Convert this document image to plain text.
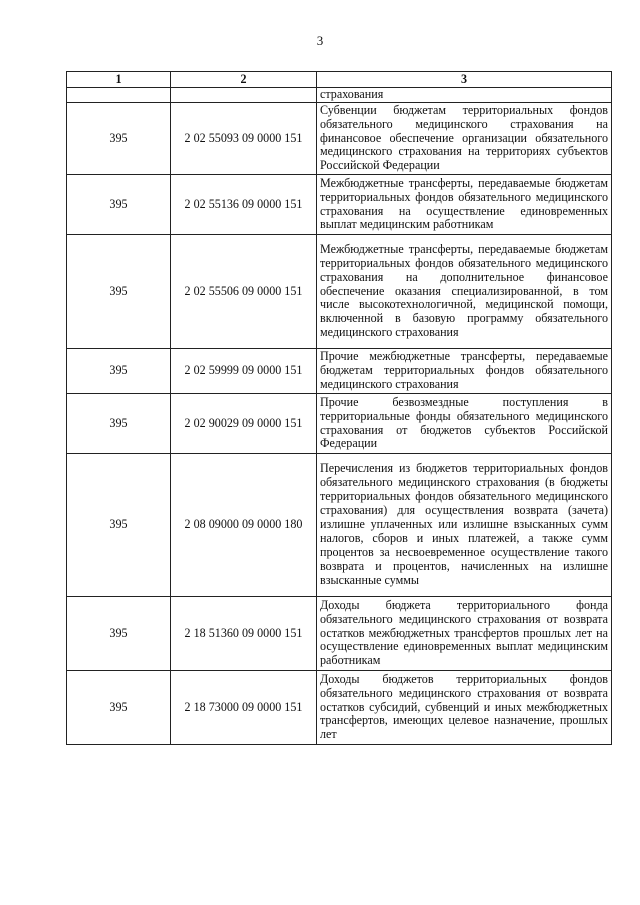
3
1	2	3
		страхования
395	2 02 55093 09 0000 151	Субвенции бюджетам территориальных фондов обязательного медицинского страхования на финансовое обеспечение организации обязательного медицинского страхования на территориях субъектов Российской Федерации
395	2 02 55136 09 0000 151	Межбюджетные трансферты, передаваемые бюджетам территориальных фондов обязательного медицинского страхования на осуществление единовременных выплат медицинским работникам
395	2 02 55506 09 0000 151	Межбюджетные трансферты, передаваемые бюджетам территориальных фондов обязательного медицинского страхования на дополнительное финансовое обеспечение оказания специализированной, в том числе высокотехнологичной, медицинской помощи, включенной в базовую программу обязательного медицинского страхования
395	2 02 59999 09 0000 151	Прочие межбюджетные трансферты, передаваемые бюджетам территориальных фондов обязательного медицинского страхования
395	2 02 90029 09 0000 151	Прочие безвозмездные поступления в территориальные фонды обязательного медицинского страхования от бюджетов субъектов Российской Федерации
395	2 08 09000 09 0000 180	Перечисления из бюджетов территориальных фондов обязательного медицинского страхования (в бюджеты территориальных фондов обязательного медицинского страхования) для осуществления возврата (зачета) излишне уплаченных или излишне взысканных сумм налогов, сборов и иных платежей, а также сумм процентов за несвоевременное осуществление такого возврата и процентов, начисленных на излишне взысканные суммы
395	2 18 51360 09 0000 151	Доходы бюджета территориального фонда обязательного медицинского страхования от возврата остатков межбюджетных трансфертов прошлых лет на осуществление единовременных выплат медицинским работникам
395	2 18 73000 09 0000 151	Доходы бюджетов территориальных фондов обязательного медицинского страхования от возврата остатков субсидий, субвенций и иных межбюджетных трансфертов, имеющих целевое назначение, прошлых лет
